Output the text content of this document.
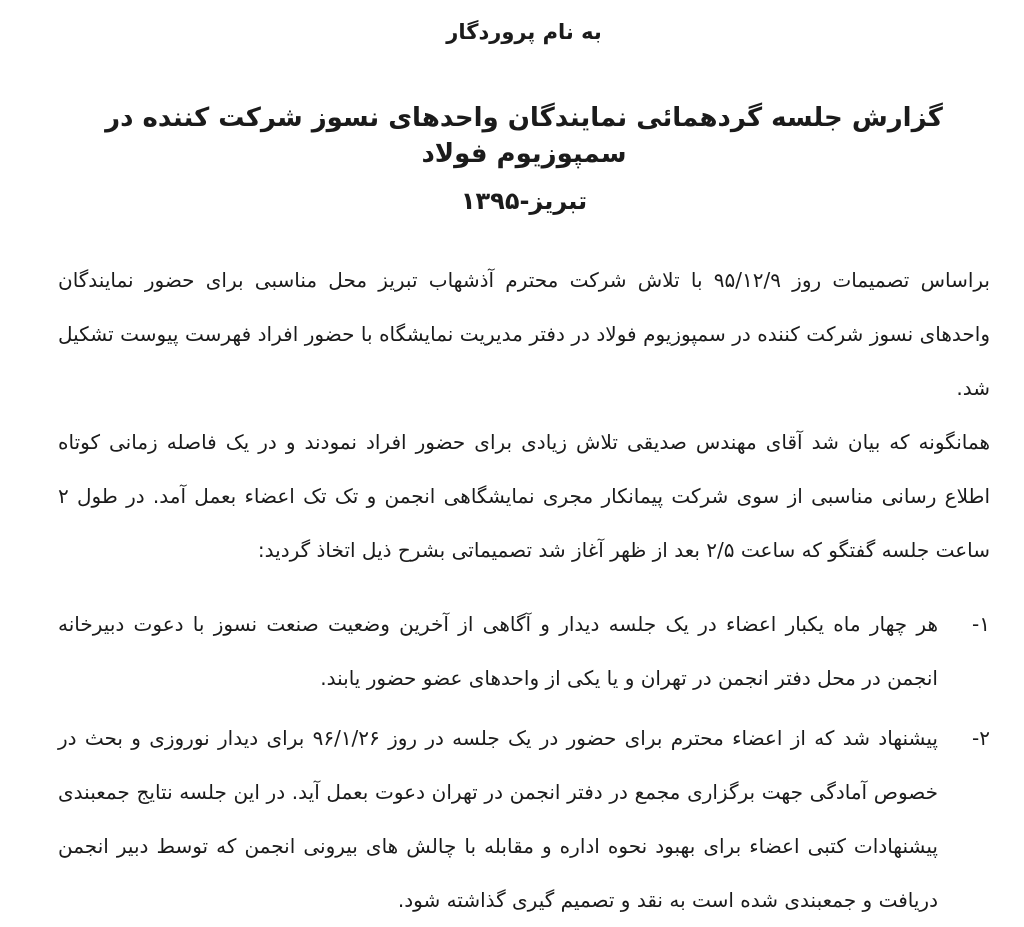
به نام پروردگار
گزارش جلسه گردهمائی نمایندگان واحدهای نسوز شرکت کننده در سمپوزیوم فولاد
تبریز-۱۳۹۵

براساس تصمیمات روز ۹۵/۱۲/۹ با تلاش شرکت محترم آذشهاب تبریز محل مناسبی برای حضور نمایندگان واحدهای نسوز شرکت کننده در سمپوزیوم فولاد در دفتر مدیریت نمایشگاه با حضور افراد فهرست پیوست تشکیل شد.

همانگونه که بیان شد آقای مهندس صدیقی تلاش زیادی برای حضور افراد نمودند و در یک فاصله زمانی کوتاه اطلاع رسانی مناسبی از سوی شرکت پیمانکار مجری نمایشگاهی انجمن و تک تک اعضاء بعمل آمد. در طول ۲ ساعت جلسه گفتگو که ساعت ۲/۵ بعد از ظهر آغاز شد تصمیماتی بشرح ذیل اتخاذ گردید:

۱-
هر چهار ماه یکبار اعضاء در یک جلسه دیدار و آگاهی از آخرین وضعیت صنعت نسوز با دعوت دبیرخانه انجمن در محل دفتر انجمن در تهران و یا یکی از واحدهای عضو حضور یابند.
۲-
پیشنهاد شد که از اعضاء محترم برای حضور در یک جلسه در روز ۹۶/۱/۲۶ برای دیدار نوروزی و بحث در خصوص آمادگی جهت برگزاری مجمع در دفتر انجمن در تهران دعوت بعمل آید. در این جلسه نتایج جمعبندی پیشنهادات کتبی اعضاء برای بهبود نحوه اداره و مقابله با چالش های بیرونی انجمن که توسط دبیر انجمن دریافت و جمعبندی شده است به نقد و تصمیم گیری گذاشته شود.
